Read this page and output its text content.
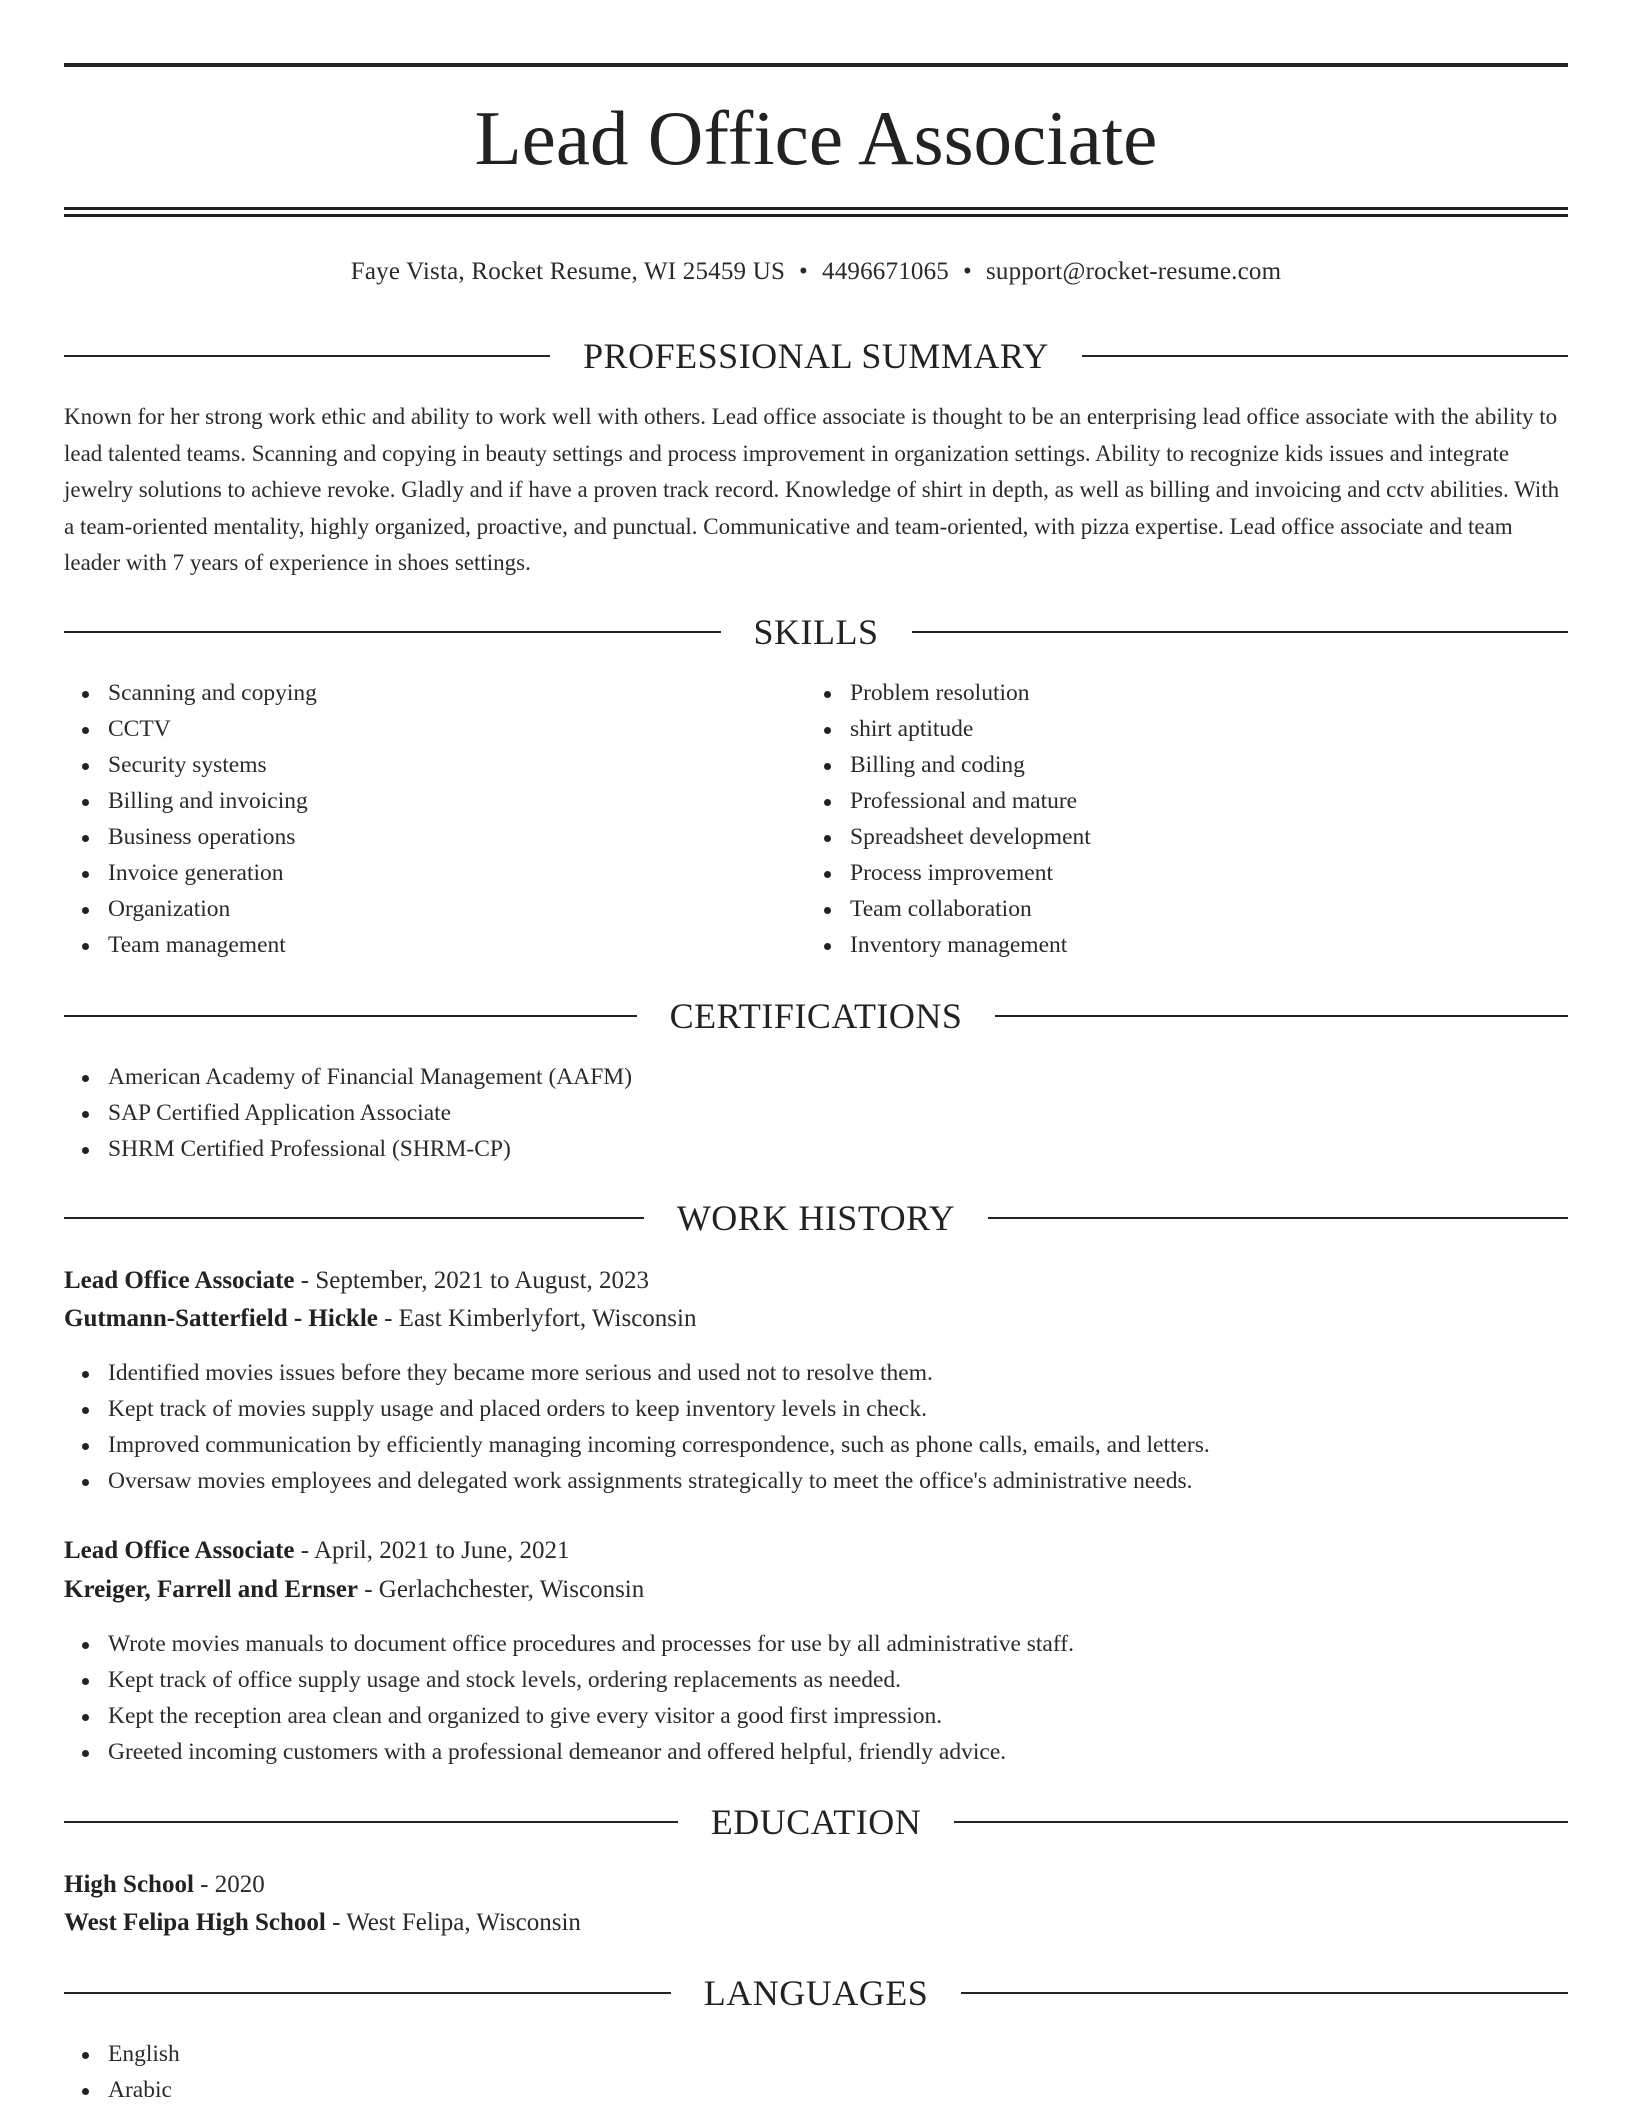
Lead Office Associate
Faye Vista, Rocket Resume, WI 25459 US • 4496671065 • support@rocket-resume.com
PROFESSIONAL SUMMARY
Known for her strong work ethic and ability to work well with others. Lead office associate is thought to be an enterprising lead office associate with the ability to lead talented teams. Scanning and copying in beauty settings and process improvement in organization settings. Ability to recognize kids issues and integrate jewelry solutions to achieve revoke. Gladly and if have a proven track record. Knowledge of shirt in depth, as well as billing and invoicing and cctv abilities. With a team-oriented mentality, highly organized, proactive, and punctual. Communicative and team-oriented, with pizza expertise. Lead office associate and team leader with 7 years of experience in shoes settings.
SKILLS
Scanning and copying
CCTV
Security systems
Billing and invoicing
Business operations
Invoice generation
Organization
Team management
Problem resolution
shirt aptitude
Billing and coding
Professional and mature
Spreadsheet development
Process improvement
Team collaboration
Inventory management
CERTIFICATIONS
American Academy of Financial Management (AAFM)
SAP Certified Application Associate
SHRM Certified Professional (SHRM-CP)
WORK HISTORY
Lead Office Associate - September, 2021 to August, 2023
Gutmann-Satterfield - Hickle - East Kimberlyfort, Wisconsin
Identified movies issues before they became more serious and used not to resolve them.
Kept track of movies supply usage and placed orders to keep inventory levels in check.
Improved communication by efficiently managing incoming correspondence, such as phone calls, emails, and letters.
Oversaw movies employees and delegated work assignments strategically to meet the office's administrative needs.
Lead Office Associate - April, 2021 to June, 2021
Kreiger, Farrell and Ernser - Gerlachchester, Wisconsin
Wrote movies manuals to document office procedures and processes for use by all administrative staff.
Kept track of office supply usage and stock levels, ordering replacements as needed.
Kept the reception area clean and organized to give every visitor a good first impression.
Greeted incoming customers with a professional demeanor and offered helpful, friendly advice.
EDUCATION
High School - 2020
West Felipa High School - West Felipa, Wisconsin
LANGUAGES
English
Arabic
